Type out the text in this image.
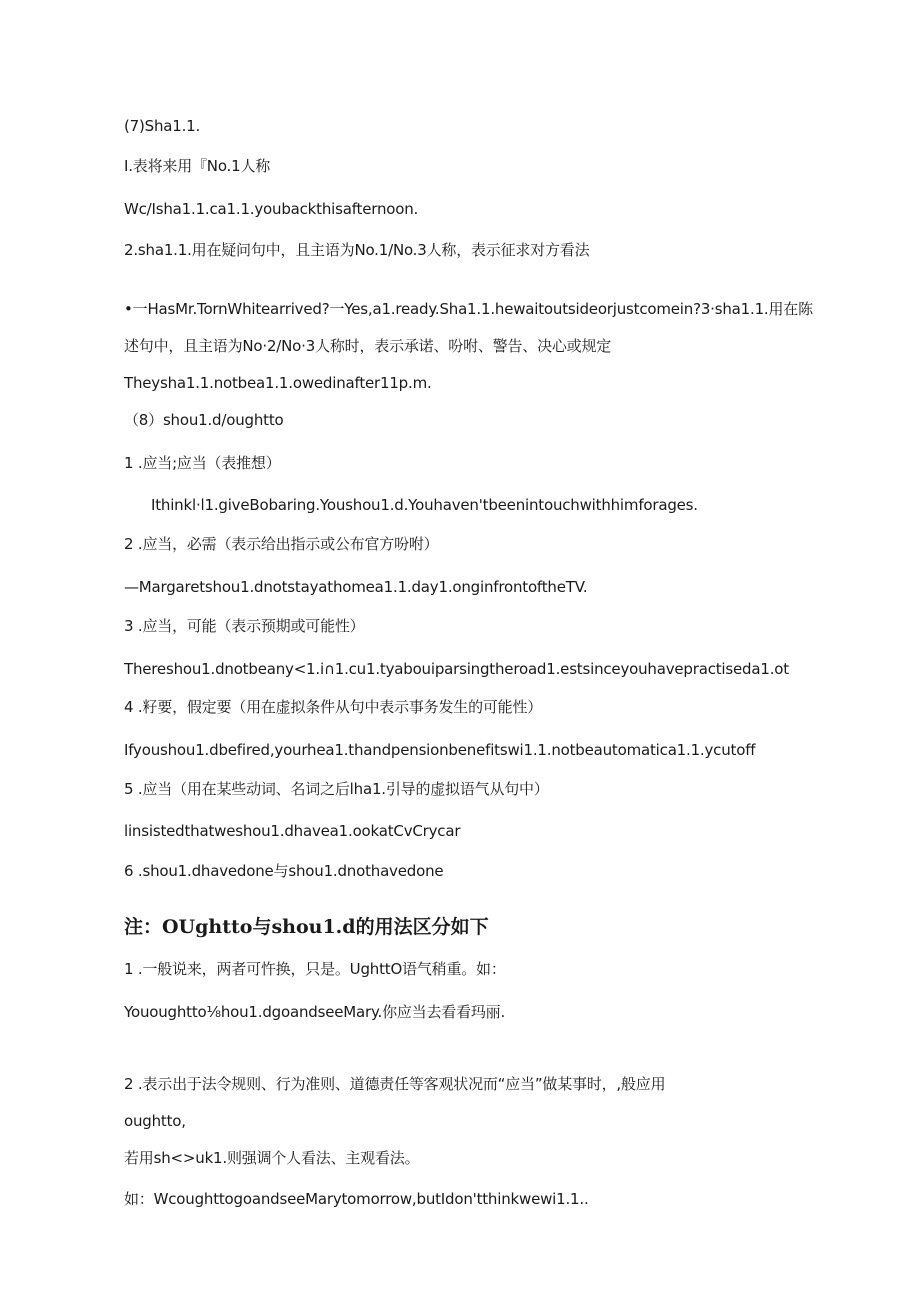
(7)Sha1.1.
I.表将来用『No.1人称
Wc/Isha1.1.ca1.1.youbackthisafternoon.
2.sha1.1.用在疑问句中，且主语为No.1/No.3人称，表示征求对方看法
•一HasMr.TornWhitearrived?一Yes,a1.ready.Sha1.1.hewaitoutsideorjustcomein?3·sha1.1.用在陈
述句中，且主语为No·2/No·3人称时，表示承诺、吩咐、警告、决心或规定
Theysha1.1.notbea1.1.owedinafter11p.m.
（8）shou1.d/oughtto
1 .应当;应当（表推想）
Ithinkl·l1.giveBobaring.Youshou1.d.Youhaven'tbeenintouchwithhimforages.
2 .应当，必需（表示给出指示或公布官方吩咐）
—Margaretshou1.dnotstayathomea1.1.day1.onginfrontoftheTV.
3 .应当，可能（表示预期或可能性）
Thereshou1.dnotbeany<1.i∩1.cu1.tyabouiparsingtheroad1.estsinceyouhavepractiseda1.ot
4 .籽要，假定要（用在虚拟条件从句中表示事务发生的可能性）
Ifyoushou1.dbefired,yourhea1.thandpensionbenefitswi1.1.notbeautomatica1.1.ycutoff
5 .应当（用在某些动词、名词之后lha1.引导的虚拟语气从句中）
linsistedthatweshou1.dhavea1.ookatCvCrycar
6 .shou1.dhavedone与shou1.dnothavedone
注：OUghtto与shou1.d的用法区分如下
1 .一般说来，两者可忤换，只是。UghttO语气稍重。如：
Yououghtto⅛hou1.dgoandseeMary.你应当去看看玛丽.
2 .表示出于法令规则、行为准则、道德责任等客观状况而“应当”做某事时，,般应用
oughtto,
若用sh<>uk1.则强调个人看法、主观看法。
如：WcoughttogoandseeMarytomorrow,butIdon'tthinkwewi1.1..
